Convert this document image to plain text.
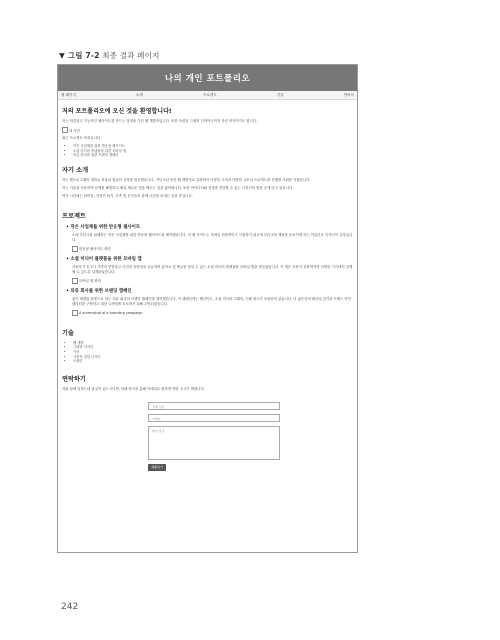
▼ 그림 7-2 최종 결과 페이지
나의 개인 포트폴리오
웹 페이지	소개	프로젝트	기술	연락처
저의 포트폴리오에 오신 것을 환영합니다!

저는 아름답고 기능적인 웹사이트를 만드는 열정을 가진 웹 개발자입니다. 또한 숙련된 그래픽 디자이너이자 사진 작가이기도 합니다.

내 사진

최근 프로젝트 목록입니다.

• 작은 사업체를 위한 반응형 웹사이트
• 소셜 미디어 플랫폼을 위한 모바일 앱
• 의류 회사를 위한 브랜딩 캠페인
자기 소개

저는 웹프로그래머 대학교 서울의 컴퓨터 공학을 전공했습니다. 지난 5년 동안 웹 개발자로 일하면서 다양한 고객과 다양한 규모의 프로젝트를 진행할 기회를 가졌습니다.

저는 기술을 사용하여 문제를 해결하고 매일 새로운 것을 배우는 것을 좋아합니다. 또한 아이디어와 감정을 전달할 수 있는 디자인의 힘을 굳게 믿고 있습니다.

여가 시간에는 하이킹, 자전거 타기, 가족 및 친구들과 함께 시간을 보내는 것을 즐깁니다.

프로젝트
• 작은 사업체를 위한 반응형 웹사이트

소매 부티크를 판매하는 작은 사업체를 위한 반응형 웹사이트를 제작했습니다. 이 웹 사이트는 모바일 친화적이고 사용하기 쉬우며 부티크의 제품을 돋보이게 하는 아름다운 디자인이 특징입니다.

반응형 웹사이트 화면
• 소셜 미디어 플랫폼을 위한 모바일 앱

사용자가 친구나 가족과 연결하고 사진과 동영상을 공유하며 좋아요 및 댓글을 남길 수 있는 소셜 미디어 플랫폼용 모바일 앱을 만들었습니다. 이 앱은 사용자 친화적이며 다양한 기기에서 실행될 수 있도록 설계되었습니다.

모바일 앱 화면
• 의류 회사를 위한 브랜딩 캠페인

젊은 세대를 타겟으로 하는 의류 회사의 브랜딩 캠페인을 제작했습니다. 이 캠페인에는 웹사이트, 소셜 미디어 그래픽, 인쇄 광고가 포함되어 있습니다. 더 젊은층의 회사의 감각과 브랜드 아이덴티티를 구축하고 대상 고객에게 호소하기 위해 고안되었습니다.

A screenshot of a branding campaign
기술
• 웹 개발
• 그래픽 디자인
• 사진
• 사용자 경험 디자인
• 브랜딩
연락하기

저와 함께 일하는데 관심이 있으시다면, 아래 양식을 통해 이메일로 편하게 연락 주시기 바랍니다.

전체 이름
이메일
메일 본문
제출하기
242
